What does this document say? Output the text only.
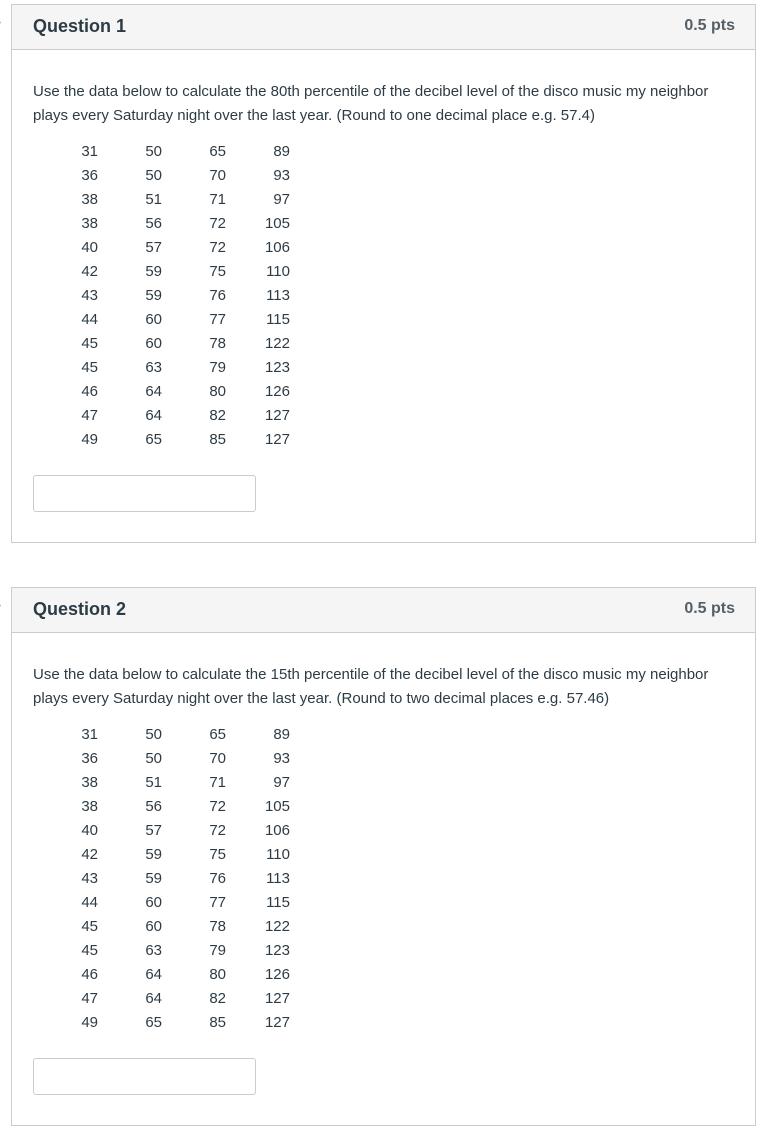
Question 1	0.5 pts
Use the data below to calculate the 80th percentile of the decibel level of the disco music my neighbor plays every Saturday night over the last year. (Round to one decimal place e.g. 57.4)
31	50	65	89
36	50	70	93
38	51	71	97
38	56	72	105
40	57	72	106
42	59	75	110
43	59	76	113
44	60	77	115
45	60	78	122
45	63	79	123
46	64	80	126
47	64	82	127
49	65	85	127
Question 2	0.5 pts
Use the data below to calculate the 15th percentile of the decibel level of the disco music my neighbor plays every Saturday night over the last year. (Round to two decimal places e.g. 57.46)
31	50	65	89
36	50	70	93
38	51	71	97
38	56	72	105
40	57	72	106
42	59	75	110
43	59	76	113
44	60	77	115
45	60	78	122
45	63	79	123
46	64	80	126
47	64	82	127
49	65	85	127
